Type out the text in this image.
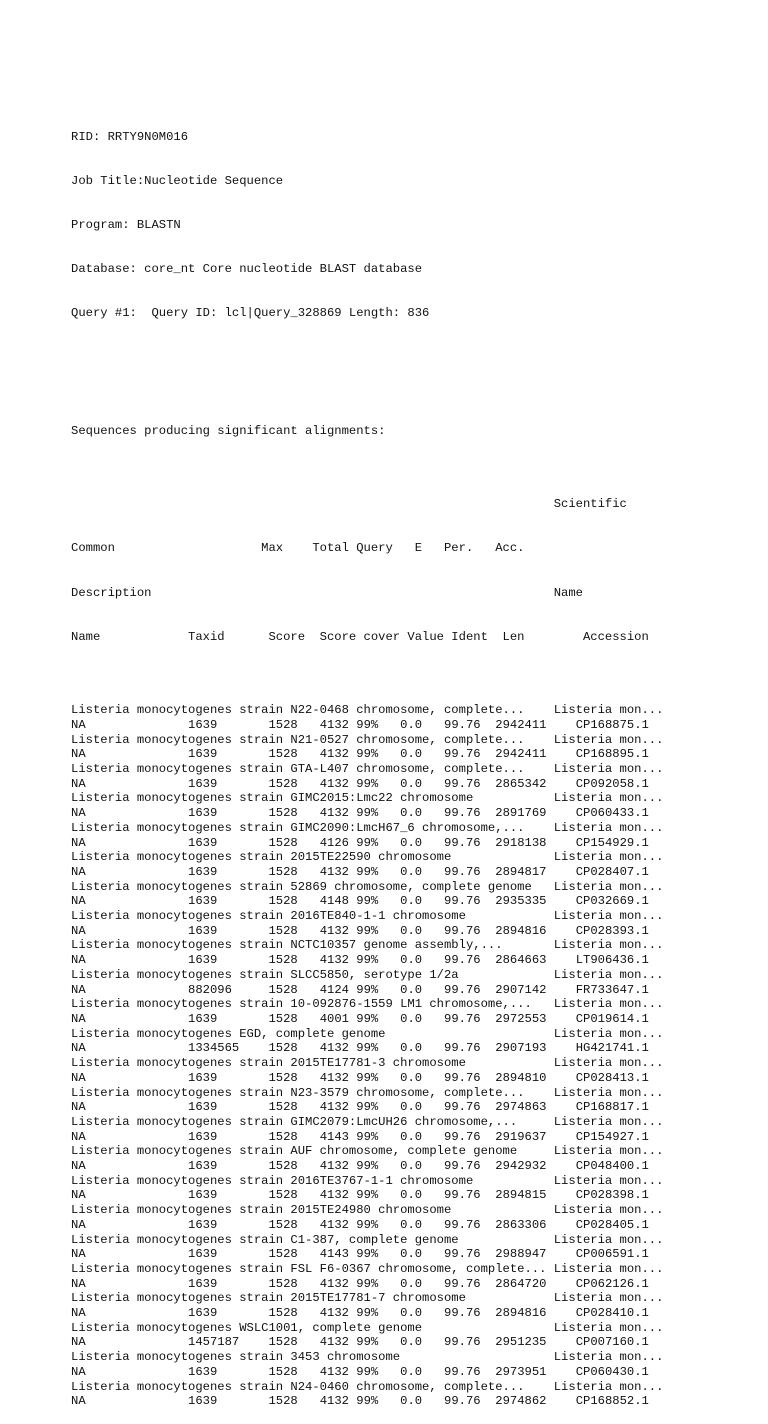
RID: RRTY9N0M016

Job Title:Nucleotide Sequence

Program: BLASTN

Database: core_nt Core nucleotide BLAST database

Query #1:  Query ID: lcl|Query_328869 Length: 836

Sequences producing significant alignments:

Scientific

Common                    Max    Total Query   E   Per.   Acc.

Description                                                       Name

Name            Taxid      Score  Score cover Value Ident  Len        Accession

Listeria monocytogenes strain N22-0468 chromosome, complete...    Listeria mon...
NA              1639       1528   4132 99%   0.0   99.76  2942411    CP168875.1
Listeria monocytogenes strain N21-0527 chromosome, complete...    Listeria mon...
NA              1639       1528   4132 99%   0.0   99.76  2942411    CP168895.1
Listeria monocytogenes strain GTA-L407 chromosome, complete...    Listeria mon...
NA              1639       1528   4132 99%   0.0   99.76  2865342    CP092058.1
Listeria monocytogenes strain GIMC2015:Lmc22 chromosome           Listeria mon...
NA              1639       1528   4132 99%   0.0   99.76  2891769    CP060433.1
Listeria monocytogenes strain GIMC2090:LmcH67_6 chromosome,...    Listeria mon...
NA              1639       1528   4126 99%   0.0   99.76  2918138    CP154929.1
Listeria monocytogenes strain 2015TE22590 chromosome              Listeria mon...
NA              1639       1528   4132 99%   0.0   99.76  2894817    CP028407.1
Listeria monocytogenes strain 52869 chromosome, complete genome   Listeria mon...
NA              1639       1528   4148 99%   0.0   99.76  2935335    CP032669.1
Listeria monocytogenes strain 2016TE840-1-1 chromosome            Listeria mon...
NA              1639       1528   4132 99%   0.0   99.76  2894816    CP028393.1
Listeria monocytogenes strain NCTC10357 genome assembly,...       Listeria mon...
NA              1639       1528   4132 99%   0.0   99.76  2864663    LT906436.1
Listeria monocytogenes strain SLCC5850, serotype 1/2a             Listeria mon...
NA              882096     1528   4124 99%   0.0   99.76  2907142    FR733647.1
Listeria monocytogenes strain 10-092876-1559 LM1 chromosome,...   Listeria mon...
NA              1639       1528   4001 99%   0.0   99.76  2972553    CP019614.1
Listeria monocytogenes EGD, complete genome                       Listeria mon...
NA              1334565    1528   4132 99%   0.0   99.76  2907193    HG421741.1
Listeria monocytogenes strain 2015TE17781-3 chromosome            Listeria mon...
NA              1639       1528   4132 99%   0.0   99.76  2894810    CP028413.1
Listeria monocytogenes strain N23-3579 chromosome, complete...    Listeria mon...
NA              1639       1528   4132 99%   0.0   99.76  2974863    CP168817.1
Listeria monocytogenes strain GIMC2079:LmcUH26 chromosome,...     Listeria mon...
NA              1639       1528   4143 99%   0.0   99.76  2919637    CP154927.1
Listeria monocytogenes strain AUF chromosome, complete genome     Listeria mon...
NA              1639       1528   4132 99%   0.0   99.76  2942932    CP048400.1
Listeria monocytogenes strain 2016TE3767-1-1 chromosome           Listeria mon...
NA              1639       1528   4132 99%   0.0   99.76  2894815    CP028398.1
Listeria monocytogenes strain 2015TE24980 chromosome              Listeria mon...
NA              1639       1528   4132 99%   0.0   99.76  2863306    CP028405.1
Listeria monocytogenes strain C1-387, complete genome             Listeria mon...
NA              1639       1528   4143 99%   0.0   99.76  2988947    CP006591.1
Listeria monocytogenes strain FSL F6-0367 chromosome, complete... Listeria mon...
NA              1639       1528   4132 99%   0.0   99.76  2864720    CP062126.1
Listeria monocytogenes strain 2015TE17781-7 chromosome            Listeria mon...
NA              1639       1528   4132 99%   0.0   99.76  2894816    CP028410.1
Listeria monocytogenes WSLC1001, complete genome                  Listeria mon...
NA              1457187    1528   4132 99%   0.0   99.76  2951235    CP007160.1
Listeria monocytogenes strain 3453 chromosome                     Listeria mon...
NA              1639       1528   4132 99%   0.0   99.76  2973951    CP060430.1
Listeria monocytogenes strain N24-0460 chromosome, complete...    Listeria mon...
NA              1639       1528   4132 99%   0.0   99.76  2974862    CP168852.1
